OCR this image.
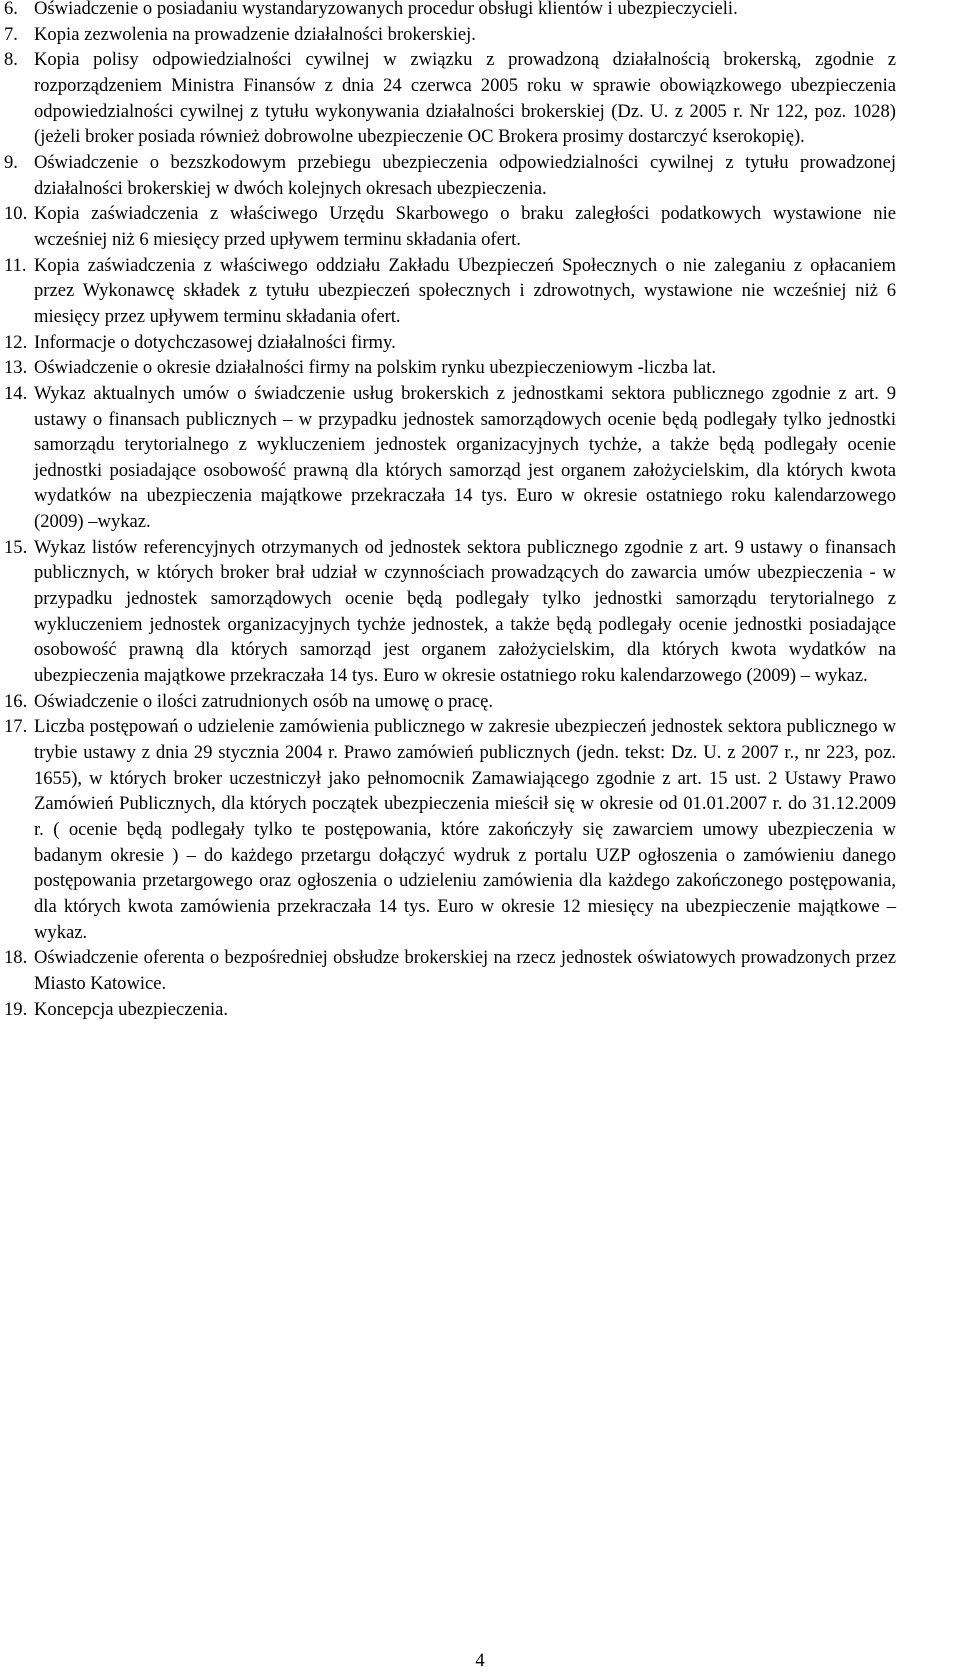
6. Oświadczenie o posiadaniu wystandaryzowanych procedur obsługi klientów i ubezpieczycieli.
7. Kopia zezwolenia na prowadzenie działalności brokerskiej.
8. Kopia polisy odpowiedzialności cywilnej w związku z prowadzoną działalnością brokerską, zgodnie z rozporządzeniem Ministra Finansów z dnia 24 czerwca 2005 roku w sprawie obowiązkowego ubezpieczenia odpowiedzialności cywilnej z tytułu wykonywania działalności brokerskiej (Dz. U. z 2005 r. Nr 122, poz. 1028) (jeżeli broker posiada również dobrowolne ubezpieczenie OC Brokera prosimy dostarczyć kserokopię).
9. Oświadczenie o bezszkodowym przebiegu ubezpieczenia odpowiedzialności cywilnej z tytułu prowadzonej działalności brokerskiej w dwóch kolejnych okresach ubezpieczenia.
10. Kopia zaświadczenia z właściwego Urzędu Skarbowego o braku zaległości podatkowych wystawione nie wcześniej niż 6 miesięcy przed upływem terminu składania ofert.
11. Kopia zaświadczenia z właściwego oddziału Zakładu Ubezpieczeń Społecznych o nie zaleganiu z opłacaniem przez Wykonawcę składek z tytułu ubezpieczeń społecznych i zdrowotnych, wystawione nie wcześniej niż 6 miesięcy przez upływem terminu składania ofert.
12. Informacje o dotychczasowej działalności firmy.
13. Oświadczenie o okresie działalności firmy na polskim rynku ubezpieczeniowym -liczba lat.
14. Wykaz aktualnych umów o świadczenie usług brokerskich z jednostkami sektora publicznego zgodnie z art. 9 ustawy o finansach publicznych – w przypadku jednostek samorządowych ocenie będą podlegały tylko jednostki samorządu terytorialnego z wykluczeniem jednostek organizacyjnych tychże, a także będą podlegały ocenie jednostki posiadające osobowość prawną dla których samorząd jest organem założycielskim, dla których kwota wydatków na ubezpieczenia majątkowe przekraczała 14 tys. Euro w okresie ostatniego roku kalendarzowego (2009) –wykaz.
15. Wykaz listów referencyjnych otrzymanych od jednostek sektora publicznego zgodnie z art. 9 ustawy o finansach publicznych, w których broker brał udział w czynnościach prowadzących do zawarcia umów ubezpieczenia - w przypadku jednostek samorządowych ocenie będą podlegały tylko jednostki samorządu terytorialnego z wykluczeniem jednostek organizacyjnych tychże jednostek, a także będą podlegały ocenie jednostki posiadające osobowość prawną dla których samorząd jest organem założycielskim, dla których kwota wydatków na ubezpieczenia majątkowe przekraczała 14 tys. Euro w okresie ostatniego roku kalendarzowego (2009) – wykaz.
16. Oświadczenie o ilości zatrudnionych osób na umowę o pracę.
17. Liczba postępowań o udzielenie zamówienia publicznego w zakresie ubezpieczeń jednostek sektora publicznego w trybie ustawy z dnia 29 stycznia 2004 r. Prawo zamówień publicznych (jedn. tekst: Dz. U. z 2007 r., nr 223, poz. 1655), w których broker uczestniczył jako pełnomocnik Zamawiającego zgodnie z art. 15 ust. 2 Ustawy Prawo Zamówień Publicznych, dla których początek ubezpieczenia mieścił się w okresie od 01.01.2007 r. do 31.12.2009 r. ( ocenie będą podlegały tylko te postępowania, które zakończyły się zawarciem umowy ubezpieczenia w badanym okresie ) – do każdego przetargu dołączyć wydruk z portalu UZP ogłoszenia o zamówieniu danego postępowania przetargowego oraz ogłoszenia o udzieleniu zamówienia dla każdego zakończonego postępowania, dla których kwota zamówienia przekraczała 14 tys. Euro w okresie 12 miesięcy na ubezpieczenie majątkowe – wykaz.
18. Oświadczenie oferenta o bezpośredniej obsłudze brokerskiej na rzecz jednostek oświatowych prowadzonych przez Miasto Katowice.
19. Koncepcja ubezpieczenia.
4
